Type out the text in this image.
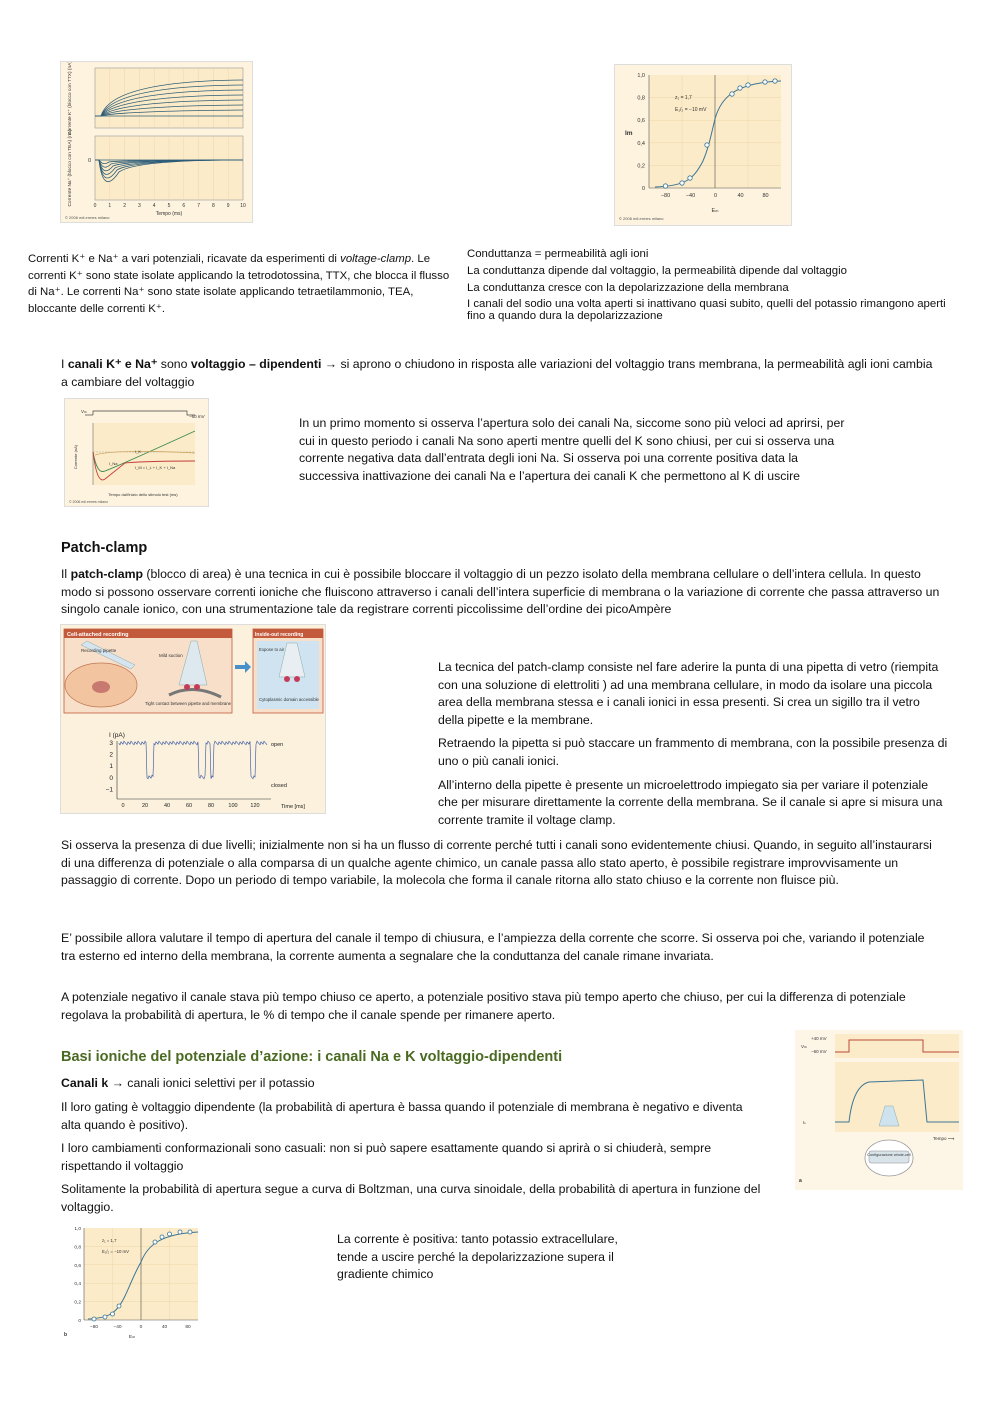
Corrente K⁺ (blocco con TTX) (nA)
Corrente Na⁺ (blocco con TEA) (nA)	0
0 1 2 3 4 5 6 7 8 9 10
Tempo (ms)
© 2006 edi.ermes milano
1,0
0,8
0,6
0,4
0,2
0
−80	−40	0	40	80
Im
Eₘ
z₁ = 1,7
E₁/₂ = −10 mV
© 2006 edi.ermes milano
Correnti K⁺ e Na⁺ a vari potenziali, ricavate da esperimenti di voltage-clamp. Le correnti K⁺ sono state isolate applicando la tetrodotossina, TTX, che blocca il flusso di Na⁺. Le correnti Na⁺ sono state isolate applicando tetraetilammonio, TEA, bloccante delle correnti K⁺.

Conduttanza = permeabilità agli ioni

La conduttanza dipende dal voltaggio, la permeabilità dipende dal voltaggio

La conduttanza cresce con la depolarizzazione della membrana

I canali del sodio una volta aperti si inattivano quasi subito, quelli del potassio rimangono aperti fino a quando dura la depolarizzazione

I canali K⁺ e Na⁺ sono voltaggio – dipendenti → si aprono o chiudono in risposta alle variazioni del voltaggio trans membrana, la permeabilità agli ioni cambia a cambiare del voltaggio
Vₘ
−60 mV
I_K
I_Na
I_M = I_L + I_K + I_Na
Corrente (nA)
Tempo dall'inizio dello stimolo test (ms)
© 2006 edi.ermes milano
In un primo momento si osserva l’apertura solo dei canali Na, siccome sono più veloci ad aprirsi, per cui in questo periodo i canali Na sono aperti mentre quelli del K sono chiusi, per cui si osserva una corrente negativa data dall’entrata degli ioni Na. Si osserva poi una corrente positiva data la successiva inattivazione dei canali Na e l’apertura dei canali K che permettono al K di uscire
Patch-clamp
Il patch-clamp (blocco di area) è una tecnica in cui è possibile bloccare il voltaggio di un pezzo isolato della membrana cellulare o dell’intera cellula. In questo modo si possono osservare correnti ioniche che fluiscono attraverso i canali dell’intera superficie di membrana o la variazione di corrente che passa attraverso un singolo canale ionico, con una strumentazione tale da registrare correnti piccolissime dell’ordine dei picoAmpère
Cell-attached recording
Recording pipette
Mild suction
Tight contact between pipette and membrane
Inside-out recording
Expose to air
Cytoplasmic domain accessible
I (pA)
3
2
1
0
−1
open
closed
0	20	40	60	80	100 120	Time [ms]

La tecnica del patch-clamp consiste nel fare aderire la punta di una pipetta di vetro (riempita con una soluzione di elettroliti ) ad una membrana cellulare, in modo da isolare una piccola area della membrana stessa e i canali ionici in essa presenti. Si crea un sigillo tra il vetro della pipette e la membrane.

Retraendo la pipetta si può staccare un frammento di membrana, con la possibile presenza di uno o più canali ionici.

All’interno della pipette è presente un microelettrodo impiegato sia per variare il potenziale che per misurare direttamente la corrente della membrana. Se il canale si apre si misura una corrente tramite il voltage clamp.

Si osserva la presenza di due livelli; inizialmente non si ha un flusso di corrente perché tutti i canali sono evidentemente chiusi. Quando, in seguito all’instaurarsi di una differenza di potenziale o alla comparsa di un qualche agente chimico, un canale passa allo stato aperto, è possibile registrare improvvisamente un passaggio di corrente. Dopo un periodo di tempo variabile, la molecola che forma il canale ritorna allo stato chiuso e la corrente non fluisce più.
E’ possibile allora valutare il tempo di apertura del canale il tempo di chiusura, e l’ampiezza della corrente che scorre. Si osserva poi che, variando il potenziale tra esterno ed interno della membrana, la corrente aumenta a segnalare che la conduttanza del canale rimane invariata.
A potenziale negativo il canale stava più tempo chiuso ce aperto, a potenziale positivo stava più tempo aperto che chiuso, per cui la differenza di potenziale regolava la probabilità di apertura, le % di tempo che il canale spende per rimanere aperto.
Basi ioniche del potenziale d’azione: i canali Na e K voltaggio-dipendenti
Canali k → canali ionici selettivi per il potassio

Il loro gating è voltaggio dipendente (la probabilità di apertura è bassa quando il potenziale di membrana è negativo e diventa alta quando è positivo).

I loro cambiamenti conformazionali sono casuali: non si può sapere esattamente quando si aprirà o si chiuderà, sempre rispettando il voltaggio

Solitamente la probabilità di apertura segue a curva di Boltzman, una curva sinoidale, della probabilità di apertura in funzione del voltaggio.

+40 mV
−60 mV
Vₘ
Iₖ
Tempo ⟶
Configurazione whole-cell
a
1,0
0,8
0,6
0,4
0,2
0
−80	−40	0	40	80
z₁ = 1,7
E₁/₂ = −10 mV
Eₘ
b
La corrente è positiva: tanto potassio extracellulare, tende a uscire perché la depolarizzazione supera il gradiente chimico
